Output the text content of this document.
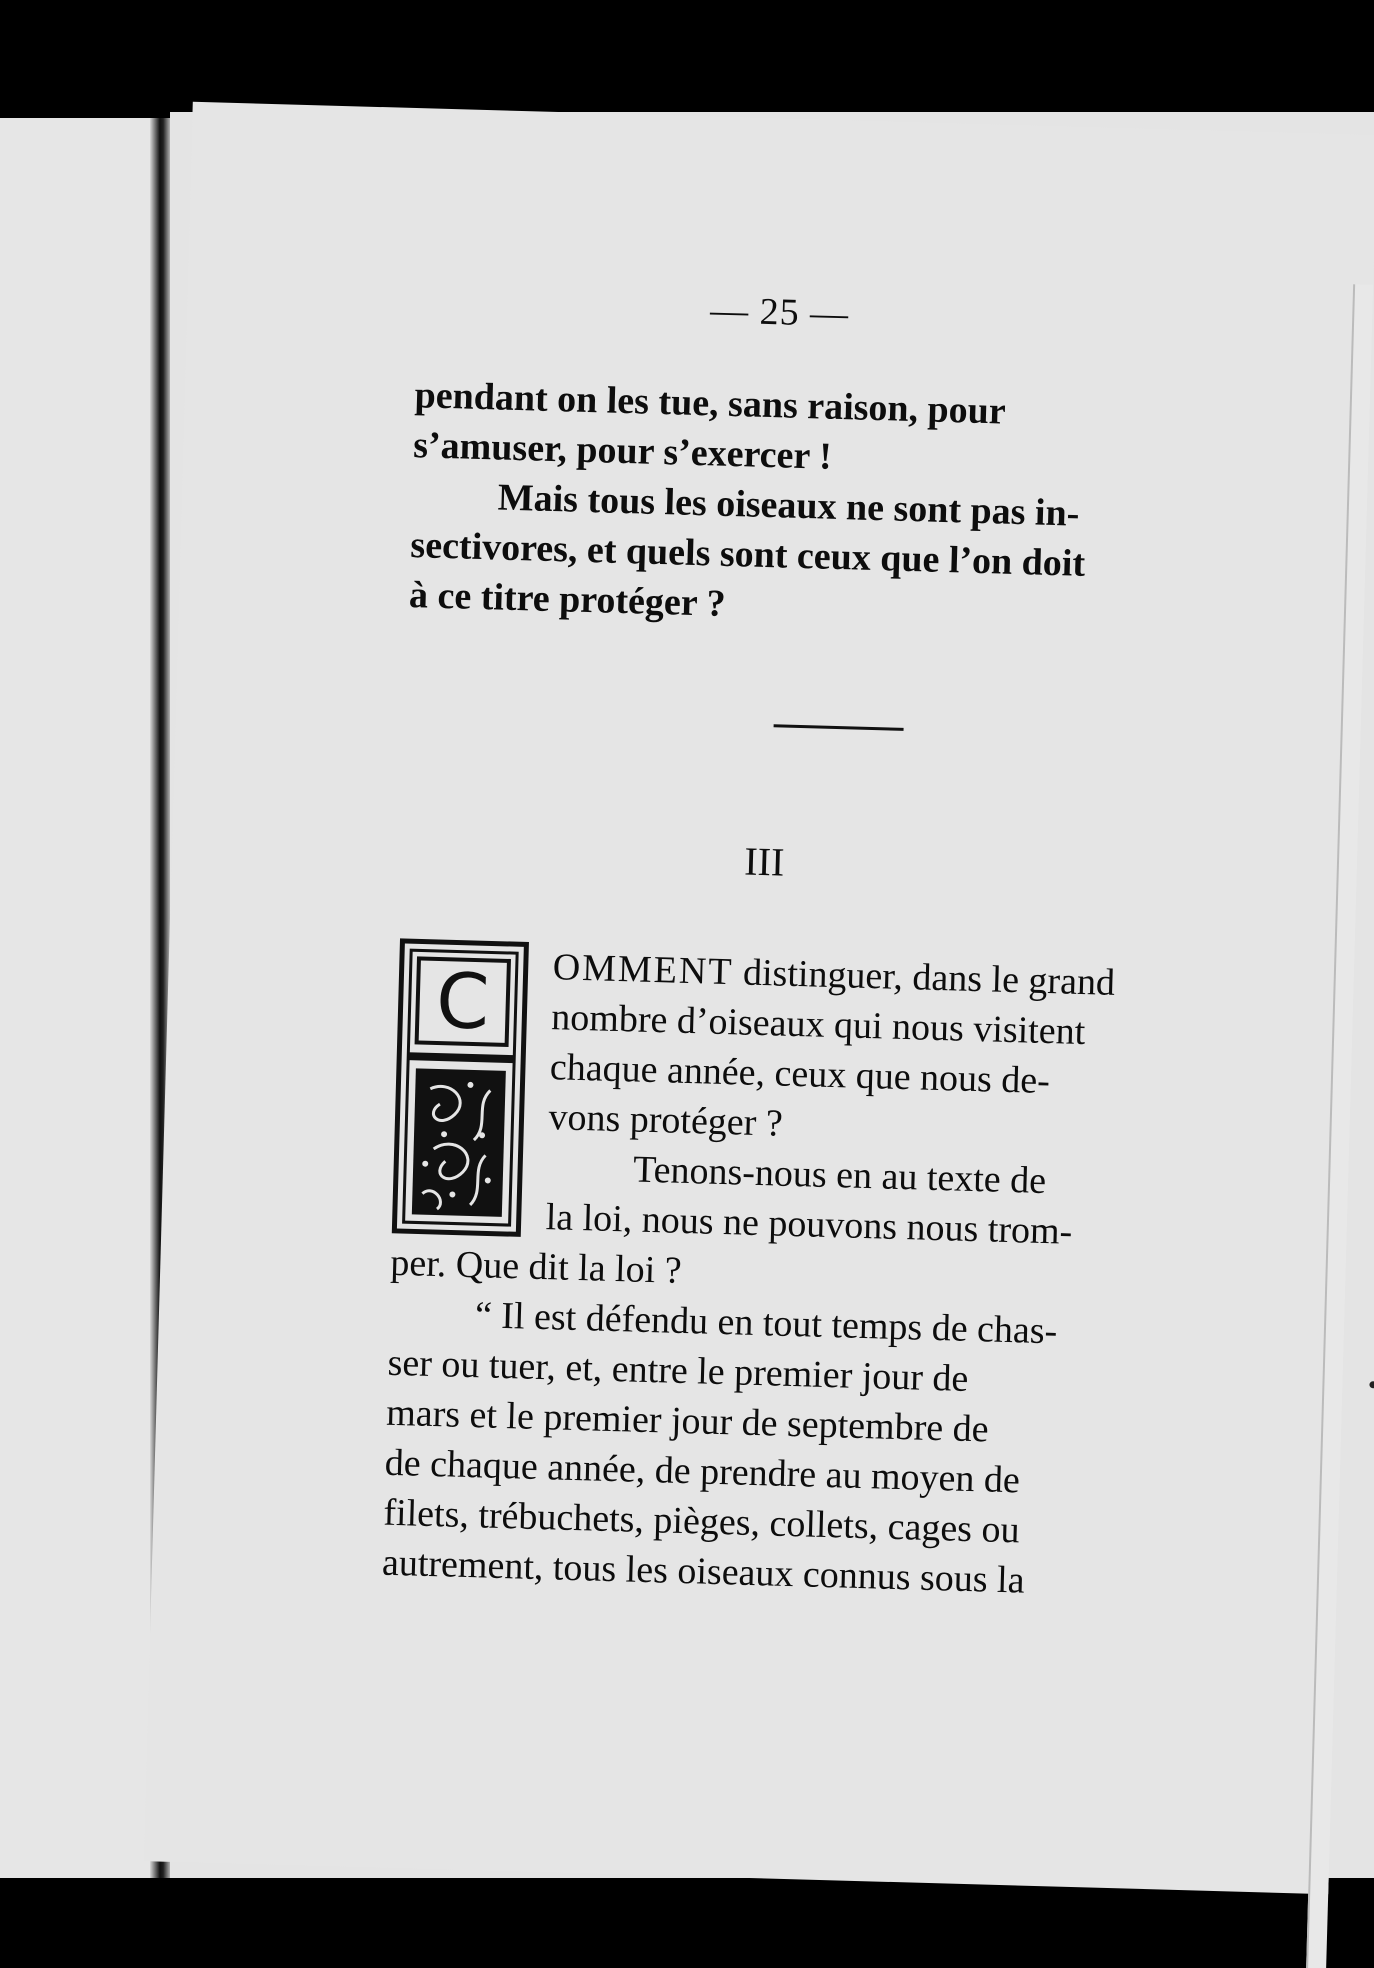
— 25 —
pendant on les tue, sans raison, pour
s’amuser, pour s’exercer !
Mais tous les oiseaux ne sont pas in-
sectivores, et quels sont ceux que l’on doit
à ce titre protéger ?
III
C OMMENT distinguer, dans le grand
nombre d’oiseaux qui nous visitent
chaque année, ceux que nous de-
vons protéger ?
Tenons-nous en au texte de
la loi, nous ne pouvons nous trom-
per. Que dit la loi ?
“ Il est défendu en tout temps de chas-
ser ou tuer, et, entre le premier jour de
mars et le premier jour de septembre de
de chaque année, de prendre au moyen de
filets, trébuchets, pièges, collets, cages ou
autrement, tous les oiseaux connus sous la
